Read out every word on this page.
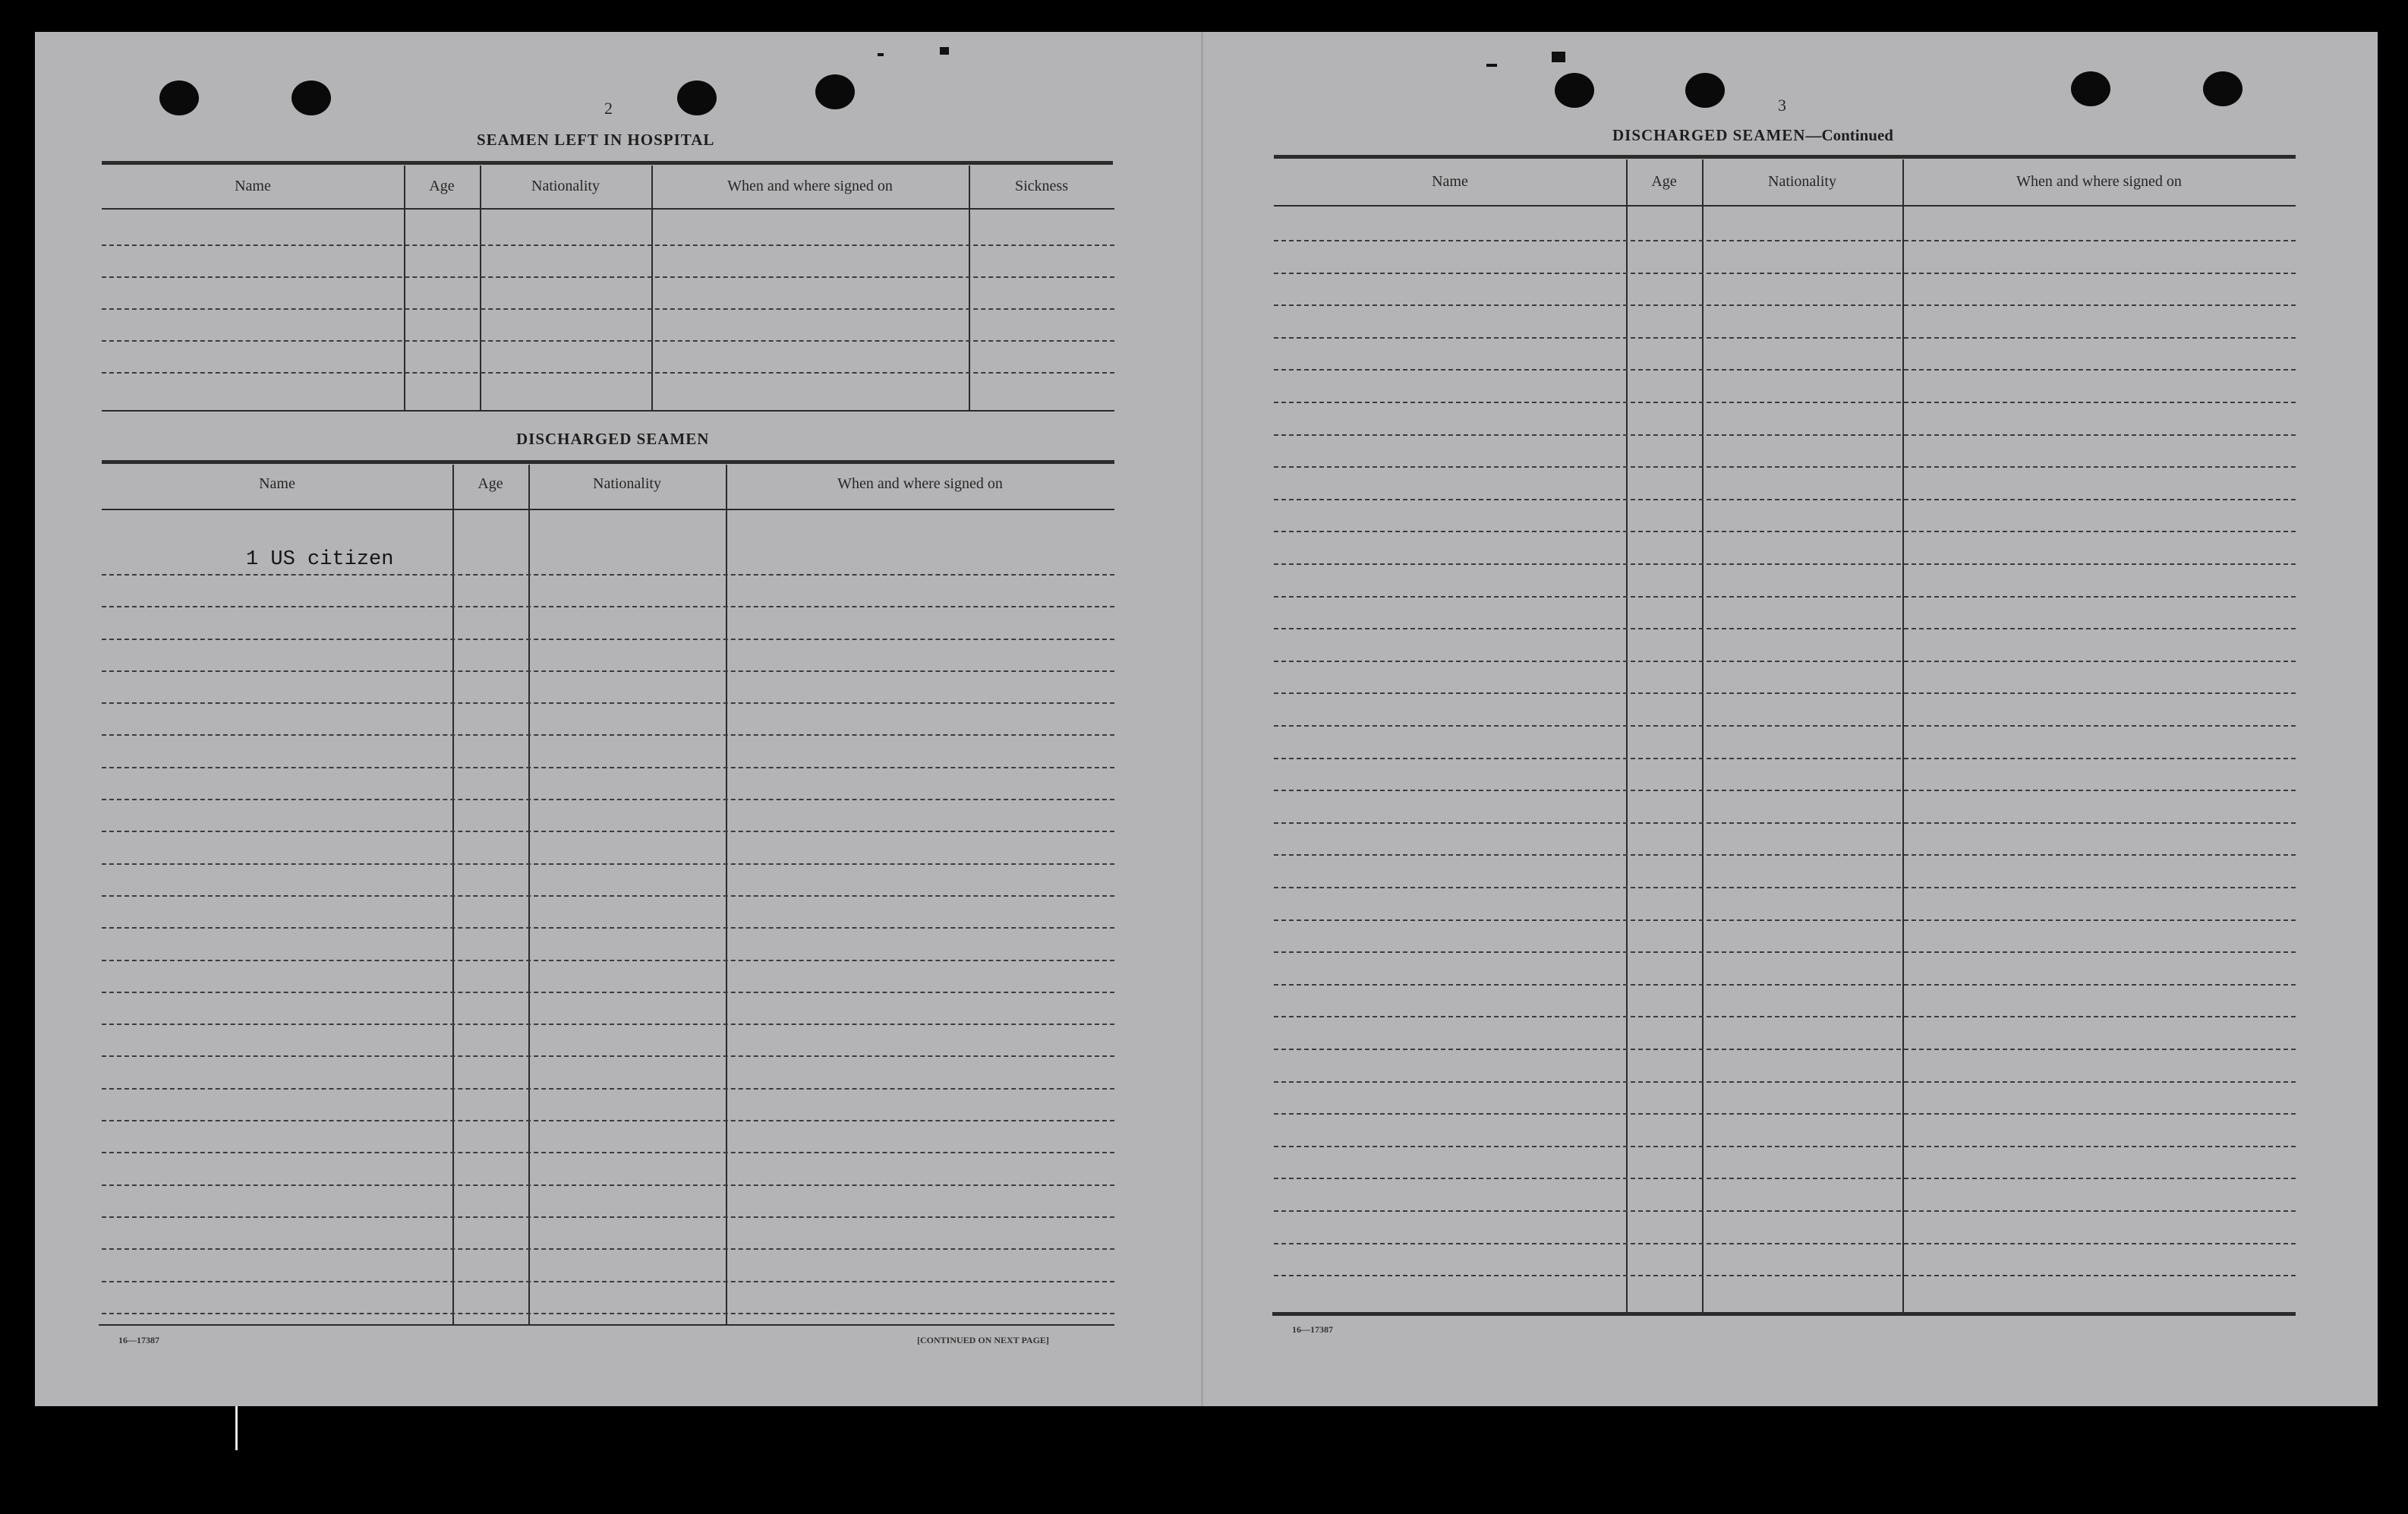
2
SEAMEN LEFT IN HOSPITAL
Name	Age	Nationality	When and where signed on	Sickness
DISCHARGED SEAMEN
Name	Age	Nationality	When and where signed on
1 US citizen
16—17387	[CONTINUED ON NEXT PAGE]
3
DISCHARGED SEAMEN—Continued
Name	Age	Nationality	When and where signed on
16—17387
